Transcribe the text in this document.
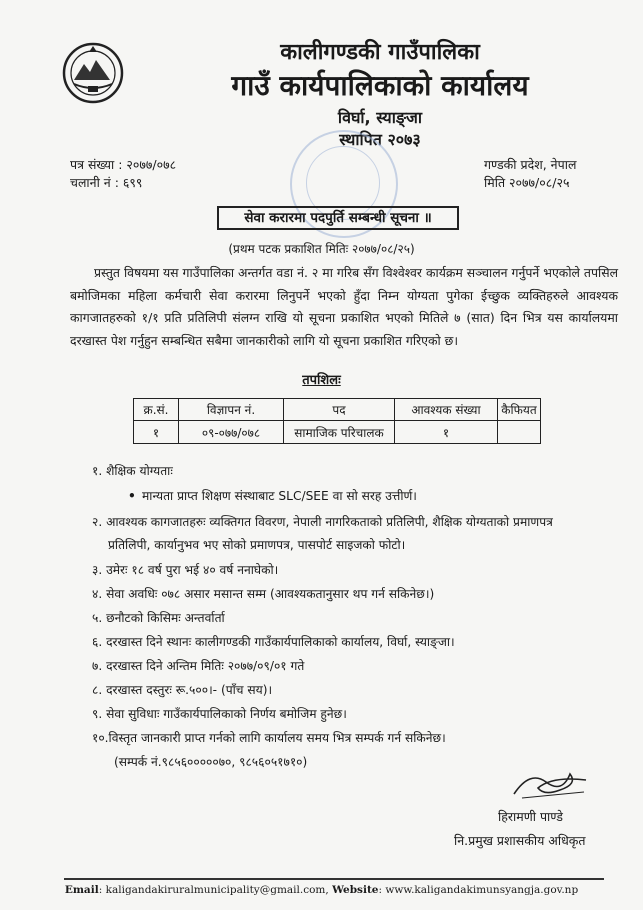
कालीगण्डकी गाउँपालिका
गाउँ कार्यपालिकाको कार्यालय
विर्घा, स्याङ्जा
स्थापित २०७३
पत्र संख्या : २०७७/०७८
चलानी नं : ६९९
गण्डकी प्रदेश, नेपाल
मिति २०७७/०८/२५
सेवा करारमा पदपुर्ति सम्बन्धी सूचना ॥
(प्रथम पटक प्रकाशित मितिः २०७७/०८/२५)
प्रस्तुत विषयमा यस गाउँपालिका अन्तर्गत वडा नं. २ मा गरिब सँग विश्वेश्वर कार्यक्रम सञ्चालन गर्नुपर्ने भएकोले तपसिल बमोजिमका महिला कर्मचारी सेवा करारमा लिनुपर्ने भएको हुँदा निम्न योग्यता पुगेका ईच्छुक व्यक्तिहरुले आवश्यक कागजातहरुको १/१ प्रति प्रतिलिपी संलग्न राखि यो सूचना प्रकाशित भएको मितिले ७ (सात) दिन भित्र यस कार्यालयमा दरखास्त पेश गर्नुहुन सम्बन्धित सबैमा जानकारीको लागि यो सूचना प्रकाशित गरिएको छ।
तपशिलः
क्र.सं.	विज्ञापन नं.	पद	आवश्यक संख्या	कैफियत
१	०९-०७७/०७८	सामाजिक परिचालक	१	
१. शैक्षिक योग्यताः
• मान्यता प्राप्त शिक्षण संस्थाबाट SLC/SEE वा सो सरह उत्तीर्ण।
२. आवश्यक कागजातहरुः व्यक्तिगत विवरण, नेपाली नागरिकताको प्रतिलिपी, शैक्षिक योग्यताको प्रमाणपत्र
प्रतिलिपी, कार्यानुभव भए सोको प्रमाणपत्र, पासपोर्ट साइजको फोटो।
३. उमेरः १८ वर्ष पुरा भई ४० वर्ष ननाघेको।
४. सेवा अवधिः ०७८ असार मसान्त सम्म (आवश्यकतानुसार थप गर्न सकिनेछ।)
५. छनौटको किसिमः अन्तर्वार्ता
६. दरखास्त दिने स्थानः कालीगण्डकी गाउँकार्यपालिकाको कार्यालय, विर्घा, स्याङ्जा।
७. दरखास्त दिने अन्तिम मितिः २०७७/०९/०१ गते
८. दरखास्त दस्तुरः रू.५००।- (पाँच सय)।
९. सेवा सुविधाः गाउँकार्यपालिकाको निर्णय बमोजिम हुनेछ।
१०.विस्तृत जानकारी प्राप्त गर्नको लागि कार्यालय समय भित्र सम्पर्क गर्न सकिनेछ।
(सम्पर्क नं.९८५६०००००७०, ९८५६०५१७१०)
हिरामणी पाण्डे
नि.प्रमुख प्रशासकीय अधिकृत
Email: kaligandakiruralmunicipality@gmail.com, Website: www.kaligandakimunsyangja.gov.np
